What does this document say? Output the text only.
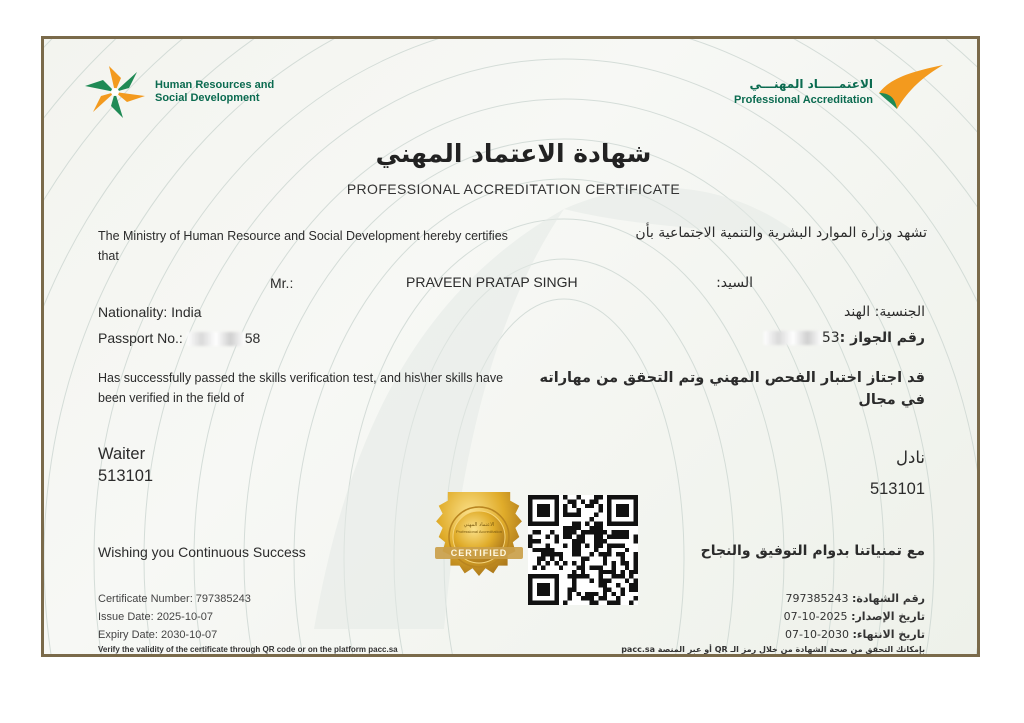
Human Resources and

Social Development

الاعتمـــــاد المهنـــي

Professional Accreditation

شهادة الاعتماد المهني

PROFESSIONAL ACCREDITATION CERTIFICATE

The Ministry of Human Resource and Social Development hereby certifies that

تشهد وزارة الموارد البشرية والتنمية الاجتماعية بأن

Mr.:	PRAVEEN PRATAP SINGH	السيد:

Nationality: India	الجنسية: الهند

Passport No.:	58	رقم الجواز :53

Has successfully passed the skills verification test, and his\her skills have been verified in the field of

قد اجتاز اختبار الفحص المهني وتم التحقق من مهاراته في مجال

Waiter

513101

نادل

513101

Wishing you Continuous Success	مع تمنياتنا بدوام التوفيق والنجاح

الاعتماد المهني
Professional Accreditation
CERTIFIED

Certificate Number: 797385243

Issue Date: 2025-10-07

Expiry Date: 2030-10-07

رقم الشهادة: 797385243

تاريخ الإصدار: 2025-10-07

تاريخ الانتهاء: 2030-10-07

Verify the validity of the certificate through QR code or on the platform pacc.sa	بإمكانك التحقق من صحة الشهادة من خلال رمز الـ QR أو عبر المنصة pacc.sa
